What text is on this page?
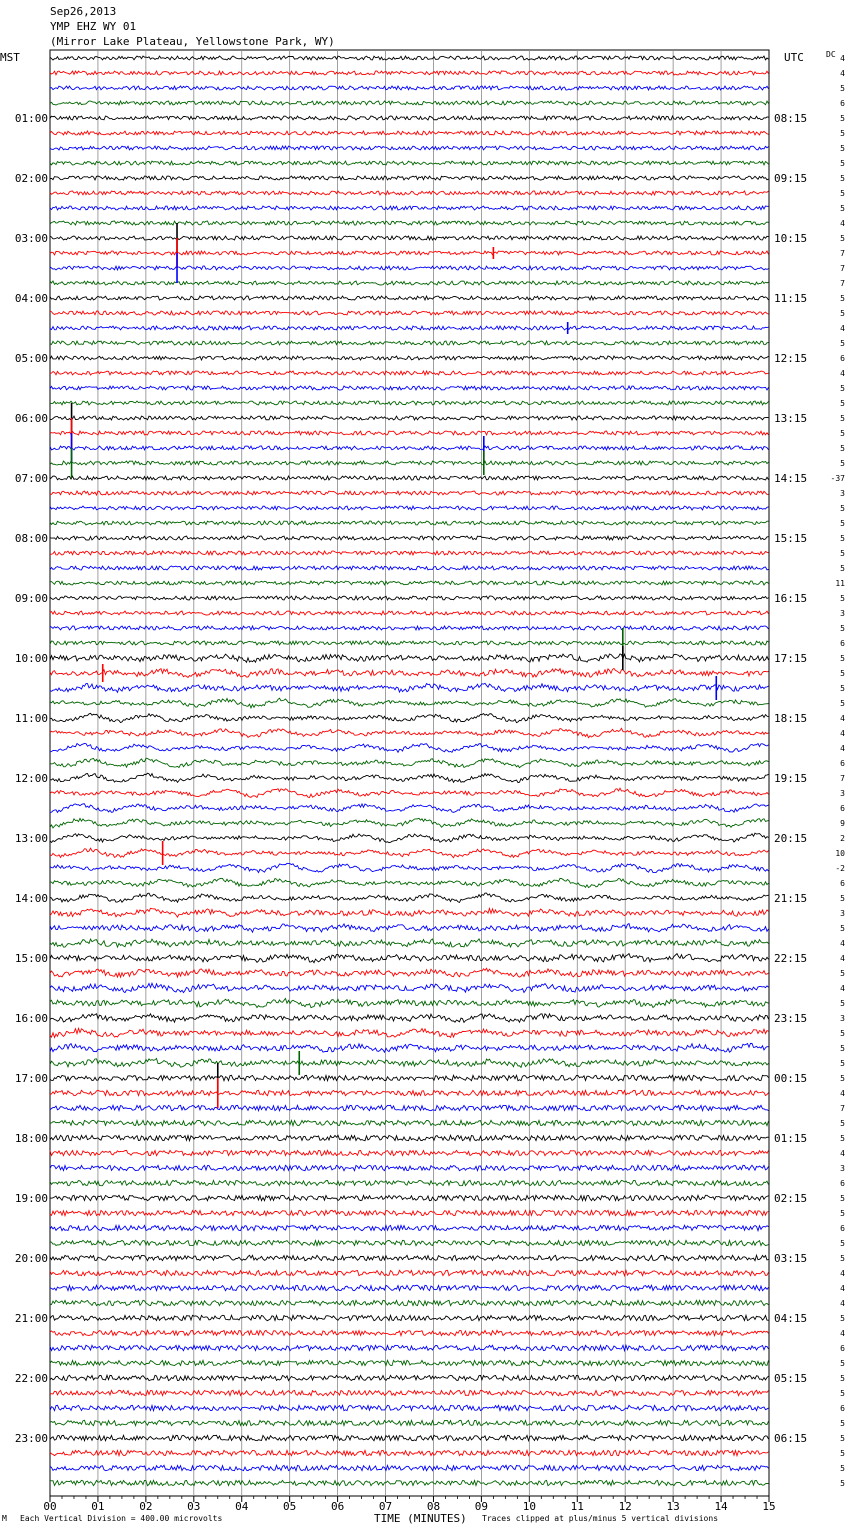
Sep26,2013
YMP EHZ WY 01
(Mirror Lake Plateau, Yellowstone Park, WY)
00	01	02	03	04	05	06	07	08	09	10	11	12	13	14	15
MST	UTC	DC
01:00
02:00
03:00
04:00
05:00
06:00
07:00
08:00
09:00
10:00
11:00
12:00
13:00
14:00
15:00
16:00
17:00
18:00
19:00
20:00
21:00
22:00
23:00
08:15
09:15
10:15
11:15
12:15
13:15
14:15
15:15
16:15
17:15
18:15
19:15
20:15
21:15
22:15
23:15
00:15
01:15
02:15
03:15
04:15
05:15
06:15
4
4
5
6
5
5
5
5
5
5
5
4
5
7
7
7
5
5
4
5
6
4
5
5
5
5
5
5
-37
3
5
5
5
5
5
11
5
3
5
6
5
5
5
5
4
4
4
6
7
3
6
9
2
10
-2
6
5
3
5
4
4
5
4
5
3
5
5
5
5
4
7
5
5
4
3
6
5
5
6
5
5
4
4
4
5
4
6
5
5
5
6
5
5
5
5
5
TIME (MINUTES)
M Each Vertical Division = 400.00 microvolts	Traces clipped at plus/minus 5 vertical divisions
